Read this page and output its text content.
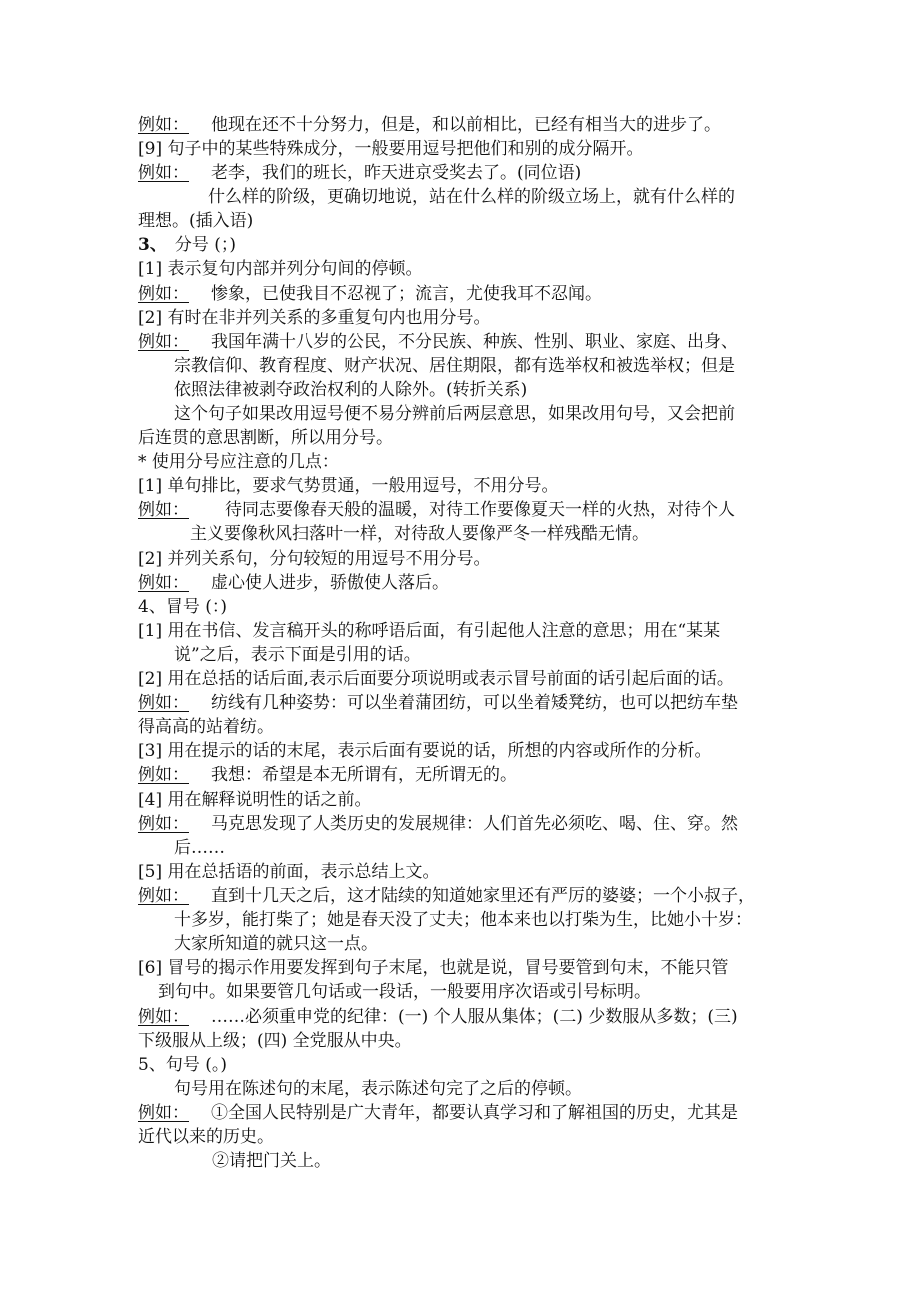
例如： 他现在还不十分努力，但是，和以前相比，已经有相当大的进步了。
[9] 句子中的某些特殊成分，一般要用逗号把他们和别的成分隔开。
例如： 老李，我们的班长，昨天进京受奖去了。(同位语)
什么样的阶级，更确切地说，站在什么样的阶级立场上，就有什么样的
理想。(插入语)
3、 分号 (；)
[1] 表示复句内部并列分句间的停顿。
例如： 惨象，已使我目不忍视了；流言，尤使我耳不忍闻。
[2] 有时在非并列关系的多重复句内也用分号。
例如： 我国年满十八岁的公民，不分民族、种族、性别、职业、家庭、出身、
宗教信仰、教育程度、财产状况、居住期限，都有选举权和被选举权；但是
依照法律被剥夺政治权利的人除外。(转折关系)
这个句子如果改用逗号便不易分辨前后两层意思，如果改用句号，又会把前
后连贯的意思割断，所以用分号。
* 使用分号应注意的几点：
[1] 单句排比，要求气势贯通，一般用逗号，不用分号。
例如： 待同志要像春天般的温暖，对待工作要像夏天一样的火热，对待个人
主义要像秋风扫落叶一样，对待敌人要像严冬一样残酷无情。
[2] 并列关系句，分句较短的用逗号不用分号。
例如： 虚心使人进步，骄傲使人落后。
4、冒号 (：)
[1] 用在书信、发言稿开头的称呼语后面，有引起他人注意的意思；用在“某某
说”之后，表示下面是引用的话。
[2] 用在总括的话后面,表示后面要分项说明或表示冒号前面的话引起后面的话。
例如： 纺线有几种姿势：可以坐着蒲团纺，可以坐着矮凳纺，也可以把纺车垫
得高高的站着纺。
[3] 用在提示的话的末尾，表示后面有要说的话，所想的内容或所作的分析。
例如： 我想：希望是本无所谓有，无所谓无的。
[4] 用在解释说明性的话之前。
例如： 马克思发现了人类历史的发展规律：人们首先必须吃、喝、住、穿。然
后……
[5] 用在总括语的前面，表示总结上文。
例如： 直到十几天之后，这才陆续的知道她家里还有严厉的婆婆；一个小叔子，
十多岁，能打柴了；她是春天没了丈夫；他本来也以打柴为生，比她小十岁：
大家所知道的就只这一点。
[6] 冒号的揭示作用要发挥到句子末尾，也就是说，冒号要管到句末，不能只管
到句中。如果要管几句话或一段话，一般要用序次语或引号标明。
例如： ……必须重申党的纪律：(一) 个人服从集体；(二) 少数服从多数；(三)
下级服从上级；(四) 全党服从中央。
5、句号 (。)
句号用在陈述句的末尾，表示陈述句完了之后的停顿。
例如： ①全国人民特别是广大青年，都要认真学习和了解祖国的历史，尤其是
近代以来的历史。
②请把门关上。
